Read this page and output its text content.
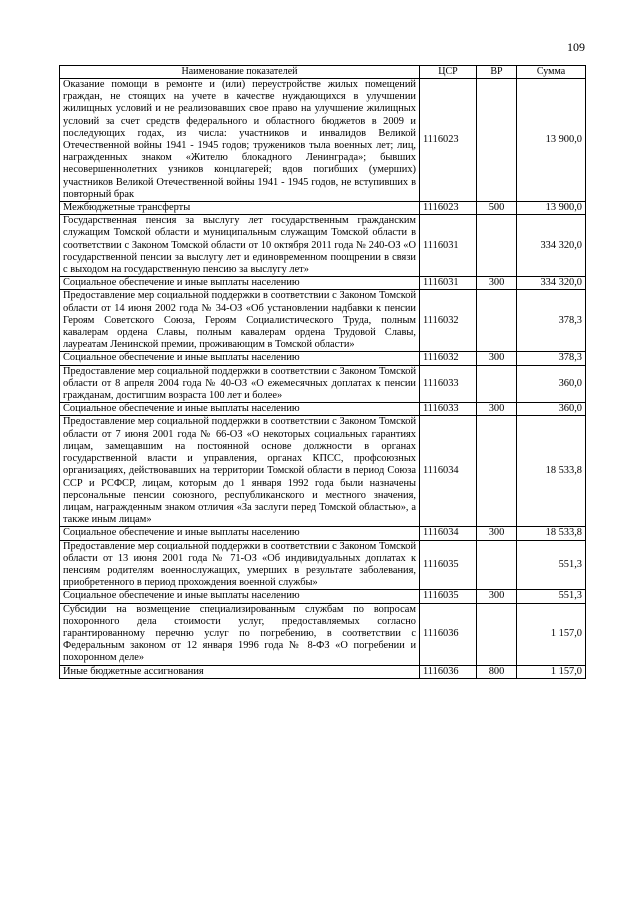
109
Наименование показателей	ЦСР	ВР	Сумма
Оказание помощи в ремонте и (или) переустройстве жилых помещений граждан, не стоящих на учете в качестве нуждающихся в улучшении жилищных условий и не реализовавших свое право на улучшение жилищных условий за счет средств федерального и областного бюджетов в 2009 и последующих годах, из числа: участников и инвалидов Великой Отечественной войны 1941 - 1945 годов; тружеников тыла военных лет; лиц, награжденных знаком «Жителю блокадного Ленинграда»; бывших несовершеннолетних узников концлагерей; вдов погибших (умерших) участников Великой Отечественной войны 1941 - 1945 годов, не вступивших в повторный брак	1116023		13 900,0
Межбюджетные трансферты	1116023	500	13 900,0
Государственная пенсия за выслугу лет государственным гражданским служащим Томской области и муниципальным служащим Томской области в соответствии с Законом Томской области от 10 октября 2011 года № 240-ОЗ «О государственной пенсии за выслугу лет и единовременном поощрении в связи с выходом на государственную пенсию за выслугу лет»	1116031		334 320,0
Социальное обеспечение и иные выплаты населению	1116031	300	334 320,0
Предоставление мер социальной поддержки в соответствии с Законом Томской области от 14 июня 2002 года № 34-ОЗ «Об установлении надбавки к пенсии Героям Советского Союза, Героям Социалистического Труда, полным кавалерам ордена Славы, полным кавалерам ордена Трудовой Славы, лауреатам Ленинской премии, проживающим в Томской области»	1116032		378,3
Социальное обеспечение и иные выплаты населению	1116032	300	378,3
Предоставление мер социальной поддержки в соответствии с Законом Томской области от 8 апреля 2004 года № 40-ОЗ «О ежемесячных доплатах к пенсии гражданам, достигшим возраста 100 лет и более»	1116033		360,0
Социальное обеспечение и иные выплаты населению	1116033	300	360,0
Предоставление мер социальной поддержки в соответствии с Законом Томской области от 7 июня 2001 года № 66-ОЗ «О некоторых социальных гарантиях лицам, замещавшим на постоянной основе должности в органах государственной власти и управления, органах КПСС, профсоюзных организациях, действовавших на территории Томской области в период Союза ССР и РСФСР, лицам, которым до 1 января 1992 года были назначены персональные пенсии союзного, республиканского и местного значения, лицам, награжденным знаком отличия «За заслуги перед Томской областью», а также иным лицам»	1116034		18 533,8
Социальное обеспечение и иные выплаты населению	1116034	300	18 533,8
Предоставление мер социальной поддержки в соответствии с Законом Томской области от 13 июня 2001 года № 71-ОЗ «Об индивидуальных доплатах к пенсиям родителям военнослужащих, умерших в результате заболевания, приобретенного в период прохождения военной службы»	1116035		551,3
Социальное обеспечение и иные выплаты населению	1116035	300	551,3
Субсидии на возмещение специализированным службам по вопросам похоронного дела стоимости услуг, предоставляемых согласно гарантированному перечню услуг по погребению, в соответствии с Федеральным законом от 12 января 1996 года № 8-ФЗ «О погребении и похоронном деле»	1116036		1 157,0
Иные бюджетные ассигнования	1116036	800	1 157,0
